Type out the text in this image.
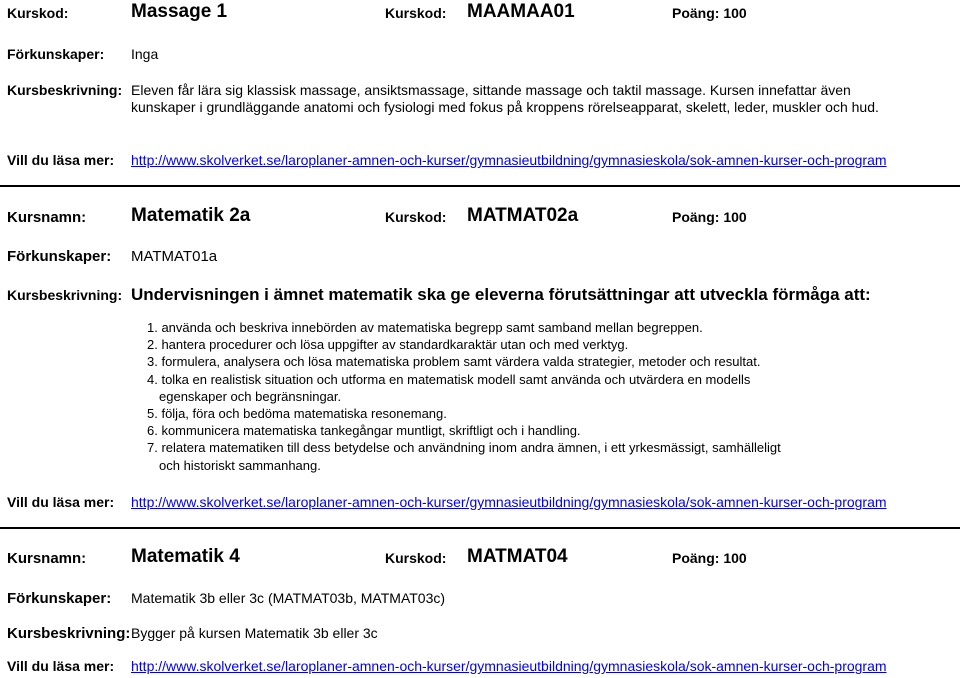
Kurskod:	Massage 1	Kurskod: MAAMAA01	Poäng: 100
Förkunskaper: Inga
Kursbeskrivning: Eleven får lära sig klassisk massage, ansiktsmassage, sittande massage och taktil massage. Kursen innefattar även
kunskaper i grundläggande anatomi och fysiologi med fokus på kroppens rörelseapparat, skelett, leder, muskler och hud.
Vill du läsa mer: http://www.skolverket.se/laroplaner-amnen-och-kurser/gymnasieutbildning/gymnasieskola/sok-amnen-kurser-och-program
Kursnamn: Matematik 2a	Kurskod: MATMAT02a	Poäng: 100
Förkunskaper: MATMAT01a
Kursbeskrivning: Undervisningen i ämnet matematik ska ge eleverna förutsättningar att utveckla förmåga att:
1. använda och beskriva innebörden av matematiska begrepp samt samband mellan begreppen.
2. hantera procedurer och lösa uppgifter av standardkaraktär utan och med verktyg.
3. formulera, analysera och lösa matematiska problem samt värdera valda strategier, metoder och resultat.
4. tolka en realistisk situation och utforma en matematisk modell samt använda och utvärdera en modells
egenskaper och begränsningar.
5. följa, föra och bedöma matematiska resonemang.
6. kommunicera matematiska tankegångar muntligt, skriftligt och i handling.
7. relatera matematiken till dess betydelse och användning inom andra ämnen, i ett yrkesmässigt, samhälleligt
och historiskt sammanhang.
Vill du läsa mer: http://www.skolverket.se/laroplaner-amnen-och-kurser/gymnasieutbildning/gymnasieskola/sok-amnen-kurser-och-program
Kursnamn: Matematik 4	Kurskod: MATMAT04	Poäng: 100
Förkunskaper: Matematik 3b eller 3c (MATMAT03b, MATMAT03c)
Kursbeskrivning: Bygger på kursen Matematik 3b eller 3c
Vill du läsa mer: http://www.skolverket.se/laroplaner-amnen-och-kurser/gymnasieutbildning/gymnasieskola/sok-amnen-kurser-och-program
